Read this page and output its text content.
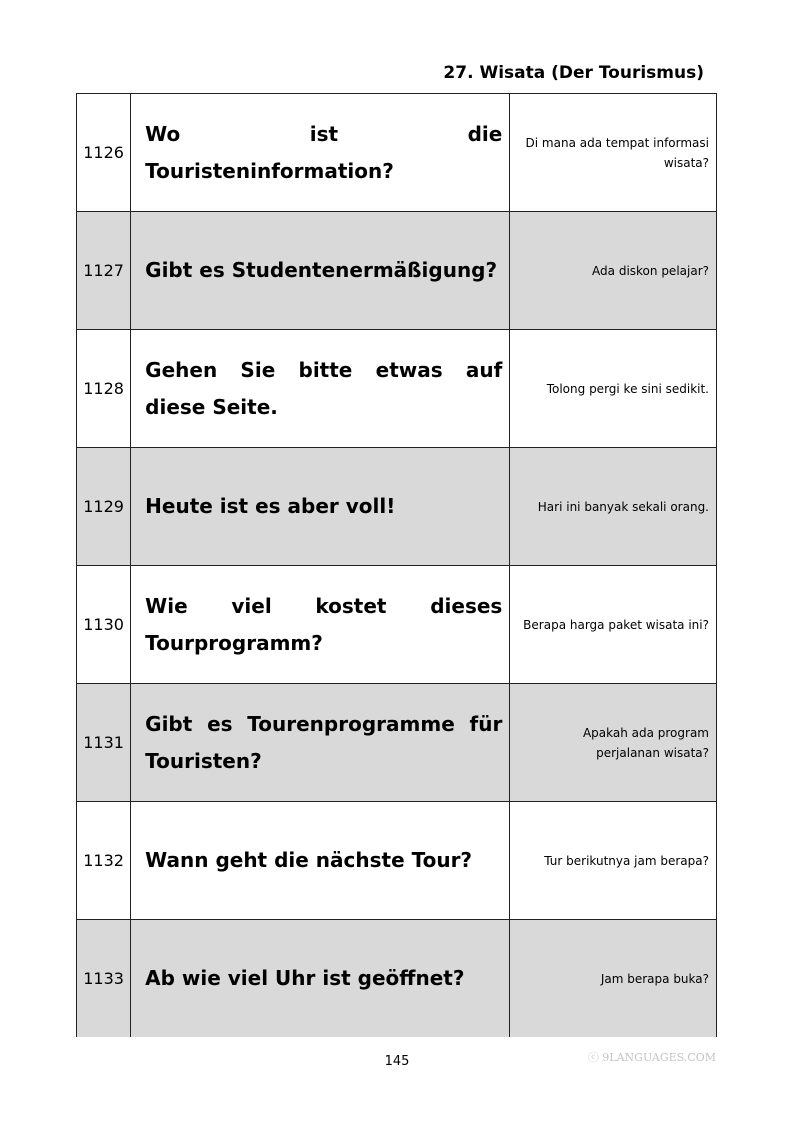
27. Wisata (Der Tourismus)
1126	Wo ist die Touristeninformation?	Di mana ada tempat informasi wisata?
1127	Gibt es Studentenermäßigung?	Ada diskon pelajar?
1128	Gehen Sie bitte etwas auf diese Seite.	Tolong pergi ke sini sedikit.
1129	Heute ist es aber voll!	Hari ini banyak sekali orang.
1130	Wie viel kostet dieses Tourprogramm?	Berapa harga paket wisata ini?
1131	Gibt es Tourenprogramme für Touristen?	Apakah ada program perjalanan wisata?
1132	Wann geht die nächste Tour?	Tur berikutnya jam berapa?
1133	Ab wie viel Uhr ist geöffnet?	Jam berapa buka?
145	ⓒ 9LANGUAGES.COM
